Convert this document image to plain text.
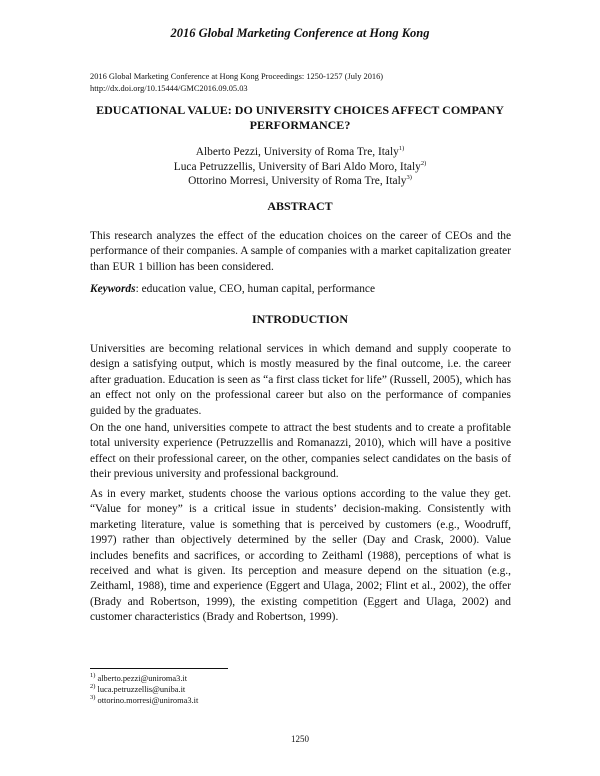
2016 Global Marketing Conference at Hong Kong
2016 Global Marketing Conference at Hong Kong Proceedings: 1250-1257 (July 2016)
http://dx.doi.org/10.15444/GMC2016.09.05.03
EDUCATIONAL VALUE: DO UNIVERSITY CHOICES AFFECT COMPANY
PERFORMANCE?
Alberto Pezzi, University of Roma Tre, Italy$^{1)}$
Luca Petruzzellis, University of Bari Aldo Moro, Italy$^{2)}$
Ottorino Morresi, University of Roma Tre, Italy$^{3)}$
ABSTRACT

This research analyzes the effect of the education choices on the career of CEOs and the performance of their companies. A sample of companies with a market capitalization greater than EUR 1 billion has been considered.

Keywords: education value, CEO, human capital, performance

INTRODUCTION

Universities are becoming relational services in which demand and supply cooperate to design a satisfying output, which is mostly measured by the final outcome, i.e. the career after graduation. Education is seen as “a first class ticket for life” (Russell, 2005), which has an effect not only on the professional career but also on the performance of companies guided by the graduates.

On the one hand, universities compete to attract the best students and to create a profitable total university experience (Petruzzellis and Romanazzi, 2010), which will have a positive effect on their professional career, on the other, companies select candidates on the basis of their previous university and professional background.

As in every market, students choose the various options according to the value they get. “Value for money” is a critical issue in students’ decision-making. Consistently with marketing literature, value is something that is perceived by customers (e.g., Woodruff, 1997) rather than objectively determined by the seller (Day and Crask, 2000). Value includes benefits and sacrifices, or according to Zeithaml (1988), perceptions of what is received and what is given. Its perception and measure depend on the situation (e.g., Zeithaml, 1988), time and experience (Eggert and Ulaga, 2002; Flint et al., 2002), the offer (Brady and Robertson, 1999), the existing competition (Eggert and Ulaga, 2002) and customer characteristics (Brady and Robertson, 1999).

$^{1)}$ alberto.pezzi@uniroma3.it
$^{2)}$ luca.petruzzellis@uniba.it
$^{3)}$ ottorino.morresi@uniroma3.it
1250
